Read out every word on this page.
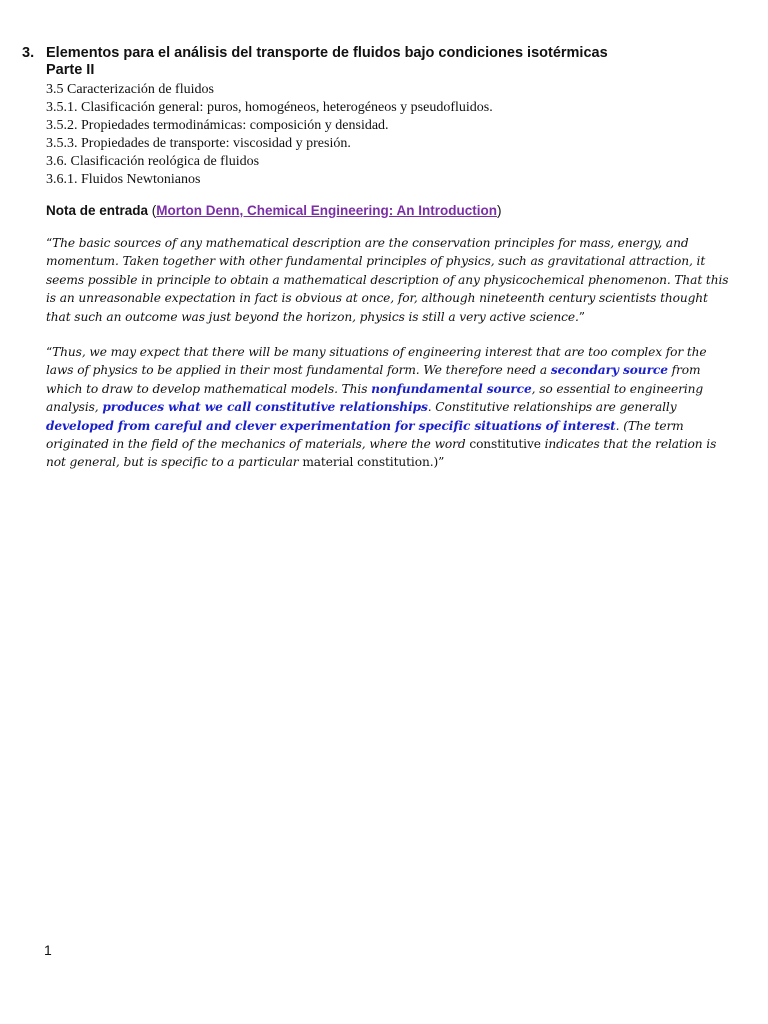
3. Elementos para el análisis del transporte de fluidos bajo condiciones isotérmicas
Parte II
3.5 Caracterización de fluidos
3.5.1. Clasificación general: puros, homogéneos, heterogéneos y pseudofluidos.
3.5.2. Propiedades termodinámicas: composición y densidad.
3.5.3. Propiedades de transporte: viscosidad y presión.
3.6. Clasificación reológica de fluidos
3.6.1. Fluidos Newtonianos
Nota de entrada (Morton Denn, Chemical Engineering: An Introduction)
“The basic sources of any mathematical description are the conservation principles for mass, energy, and momentum. Taken together with other fundamental principles of physics, such as gravitational attraction, it seems possible in principle to obtain a mathematical description of any physicochemical phenomenon. That this is an unreasonable expectation in fact is obvious at once, for, although nineteenth century scientists thought that such an outcome was just beyond the horizon, physics is still a very active science.”
“Thus, we may expect that there will be many situations of engineering interest that are too complex for the laws of physics to be applied in their most fundamental form. We therefore need a secondary source from which to draw to develop mathematical models. This nonfundamental source, so essential to engineering analysis, produces what we call constitutive relationships. Constitutive relationships are generally developed from careful and clever experimentation for specific situations of interest. (The term originated in the field of the mechanics of materials, where the word constitutive indicates that the relation is not general, but is specific to a particular material constitution.)”
1
